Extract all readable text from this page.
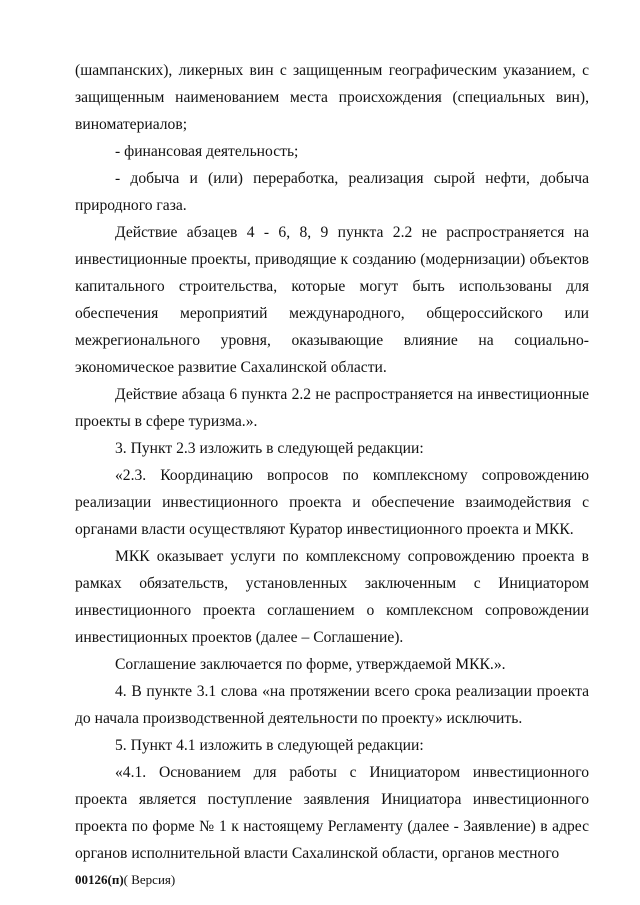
(шампанских), ликерных вин с защищенным географическим указанием, с защищенным наименованием места происхождения (специальных вин), виноматериалов;

- финансовая деятельность;

- добыча и (или) переработка, реализация сырой нефти, добыча природного газа.

Действие абзацев 4 - 6, 8, 9 пункта 2.2 не распространяется на инвестиционные проекты, приводящие к созданию (модернизации) объектов капитального строительства, которые могут быть использованы для обеспечения мероприятий международного, общероссийского или межрегионального уровня, оказывающие влияние на социально-экономическое развитие Сахалинской области.

Действие абзаца 6 пункта 2.2 не распространяется на инвестиционные проекты в сфере туризма.».

3. Пункт 2.3 изложить в следующей редакции:

«2.3. Координацию вопросов по комплексному сопровождению реализации инвестиционного проекта и обеспечение взаимодействия с органами власти осуществляют Куратор инвестиционного проекта и МКК.

МКК оказывает услуги по комплексному сопровождению проекта в рамках обязательств, установленных заключенным с Инициатором инвестиционного проекта соглашением о комплексном сопровождении инвестиционных проектов (далее – Соглашение).

Соглашение заключается по форме, утверждаемой МКК.».

4. В пункте 3.1 слова «на протяжении всего срока реализации проекта до начала производственной деятельности по проекту» исключить.

5. Пункт 4.1 изложить в следующей редакции:

«4.1. Основанием для работы с Инициатором инвестиционного проекта является поступление заявления Инициатора инвестиционного проекта по форме № 1 к настоящему Регламенту (далее - Заявление) в адрес органов исполнительной власти Сахалинской области, органов местного

00126(п)( Версия)
